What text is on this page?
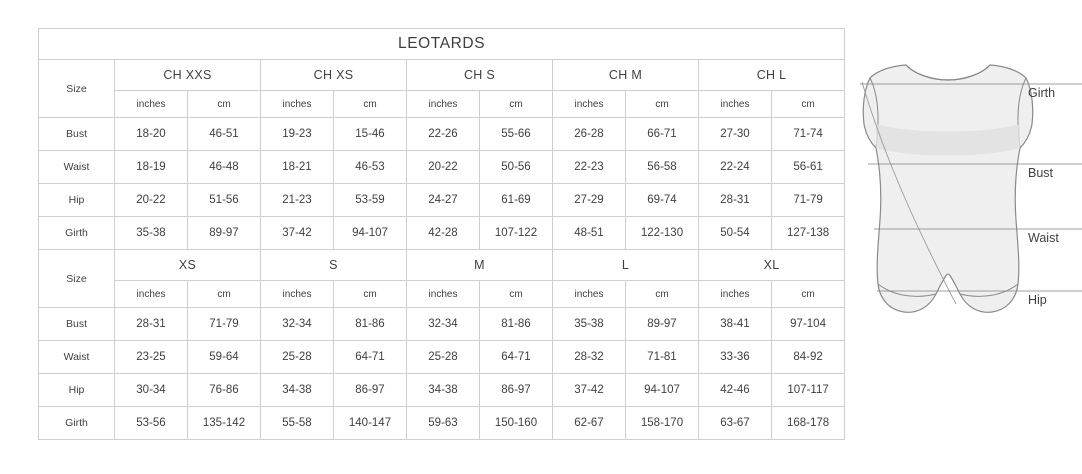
LEOTARDS										
Size	CH XXS		CH XS		CH S		CH M		CH L	
	inches	cm	inches	cm	inches	cm	inches	cm	inches	cm
Bust	18-20	46-51	19-23	15-46	22-26	55-66	26-28	66-71	27-30	71-74
Waist	18-19	46-48	18-21	46-53	20-22	50-56	22-23	56-58	22-24	56-61
Hip	20-22	51-56	21-23	53-59	24-27	61-69	27-29	69-74	28-31	71-79
Girth	35-38	89-97	37-42	94-107	42-28	107-122	48-51	122-130	50-54	127-138
Size	XS		S		M		L		XL	
	inches	cm	inches	cm	inches	cm	inches	cm	inches	cm
Bust	28-31	71-79	32-34	81-86	32-34	81-86	35-38	89-97	38-41	97-104
Waist	23-25	59-64	25-28	64-71	25-28	64-71	28-32	71-81	33-36	84-92
Hip	30-34	76-86	34-38	86-97	34-38	86-97	37-42	94-107	42-46	107-117
Girth	53-56	135-142	55-58	140-147	59-63	150-160	62-67	158-170	63-67	168-178
Girth
Bust
Waist
Hip
